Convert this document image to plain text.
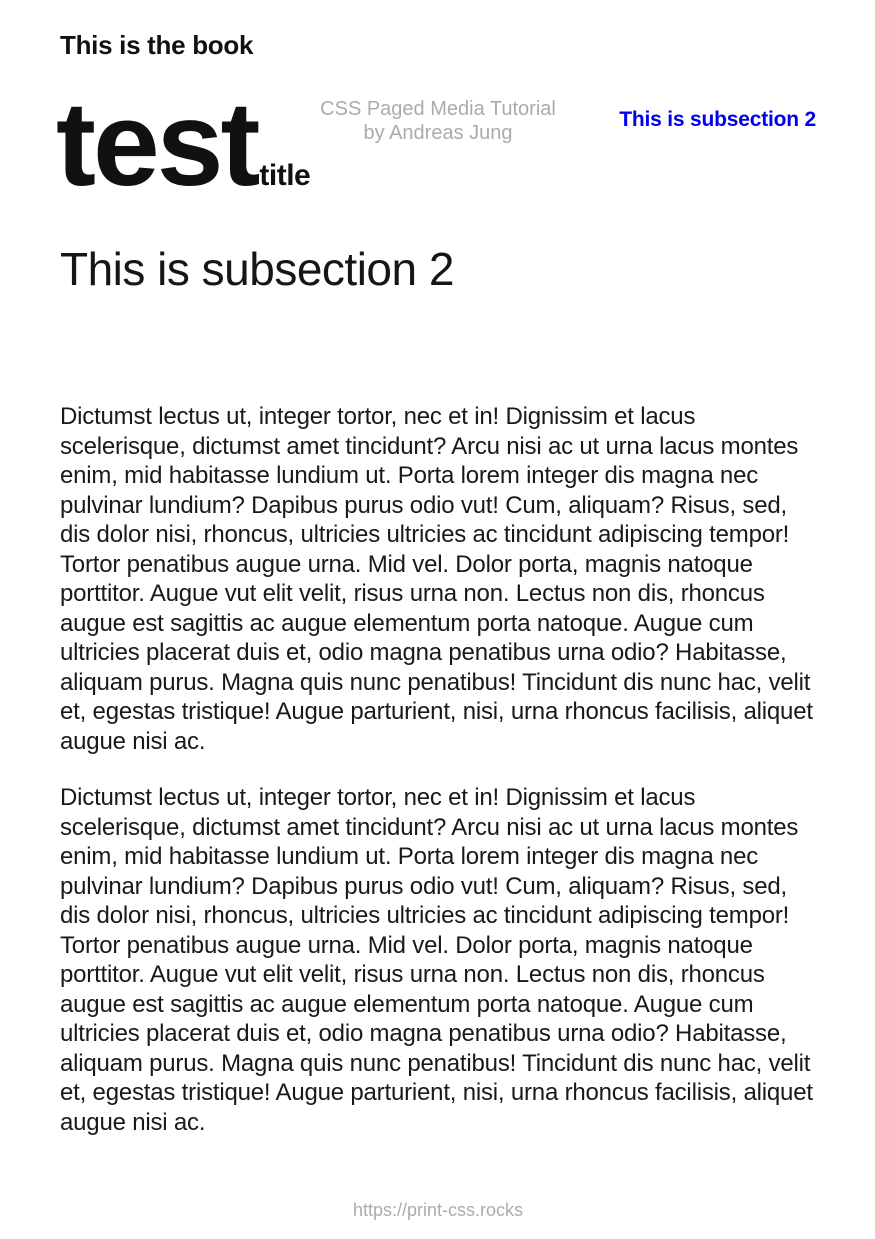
This is the book
test title
CSS Paged Media Tutorial
by Andreas Jung
This is subsection 2
This is subsection 2

Dictumst lectus ut, integer tortor, nec et in! Dignissim et lacus scelerisque, dictumst amet tincidunt? Arcu nisi ac ut urna lacus montes enim, mid habitasse lundium ut. Porta lorem integer dis magna nec pulvinar lundium? Dapibus purus odio vut! Cum, aliquam? Risus, sed, dis dolor nisi, rhoncus, ultricies ultricies ac tincidunt adipiscing tempor! Tortor penatibus augue urna. Mid vel. Dolor porta, magnis natoque porttitor. Augue vut elit velit, risus urna non. Lectus non dis, rhoncus augue est sagittis ac augue elementum porta natoque. Augue cum ultricies placerat duis et, odio magna penatibus urna odio? Habitasse, aliquam purus. Magna quis nunc penatibus! Tincidunt dis nunc hac, velit et, egestas tristique! Augue parturient, nisi, urna rhoncus facilisis, aliquet augue nisi ac.

Dictumst lectus ut, integer tortor, nec et in! Dignissim et lacus scelerisque, dictumst amet tincidunt? Arcu nisi ac ut urna lacus montes enim, mid habitasse lundium ut. Porta lorem integer dis magna nec pulvinar lundium? Dapibus purus odio vut! Cum, aliquam? Risus, sed, dis dolor nisi, rhoncus, ultricies ultricies ac tincidunt adipiscing tempor! Tortor penatibus augue urna. Mid vel. Dolor porta, magnis natoque porttitor. Augue vut elit velit, risus urna non. Lectus non dis, rhoncus augue est sagittis ac augue elementum porta natoque. Augue cum ultricies placerat duis et, odio magna penatibus urna odio? Habitasse, aliquam purus. Magna quis nunc penatibus! Tincidunt dis nunc hac, velit et, egestas tristique! Augue parturient, nisi, urna rhoncus facilisis, aliquet augue nisi ac.

https://print-css.rocks
